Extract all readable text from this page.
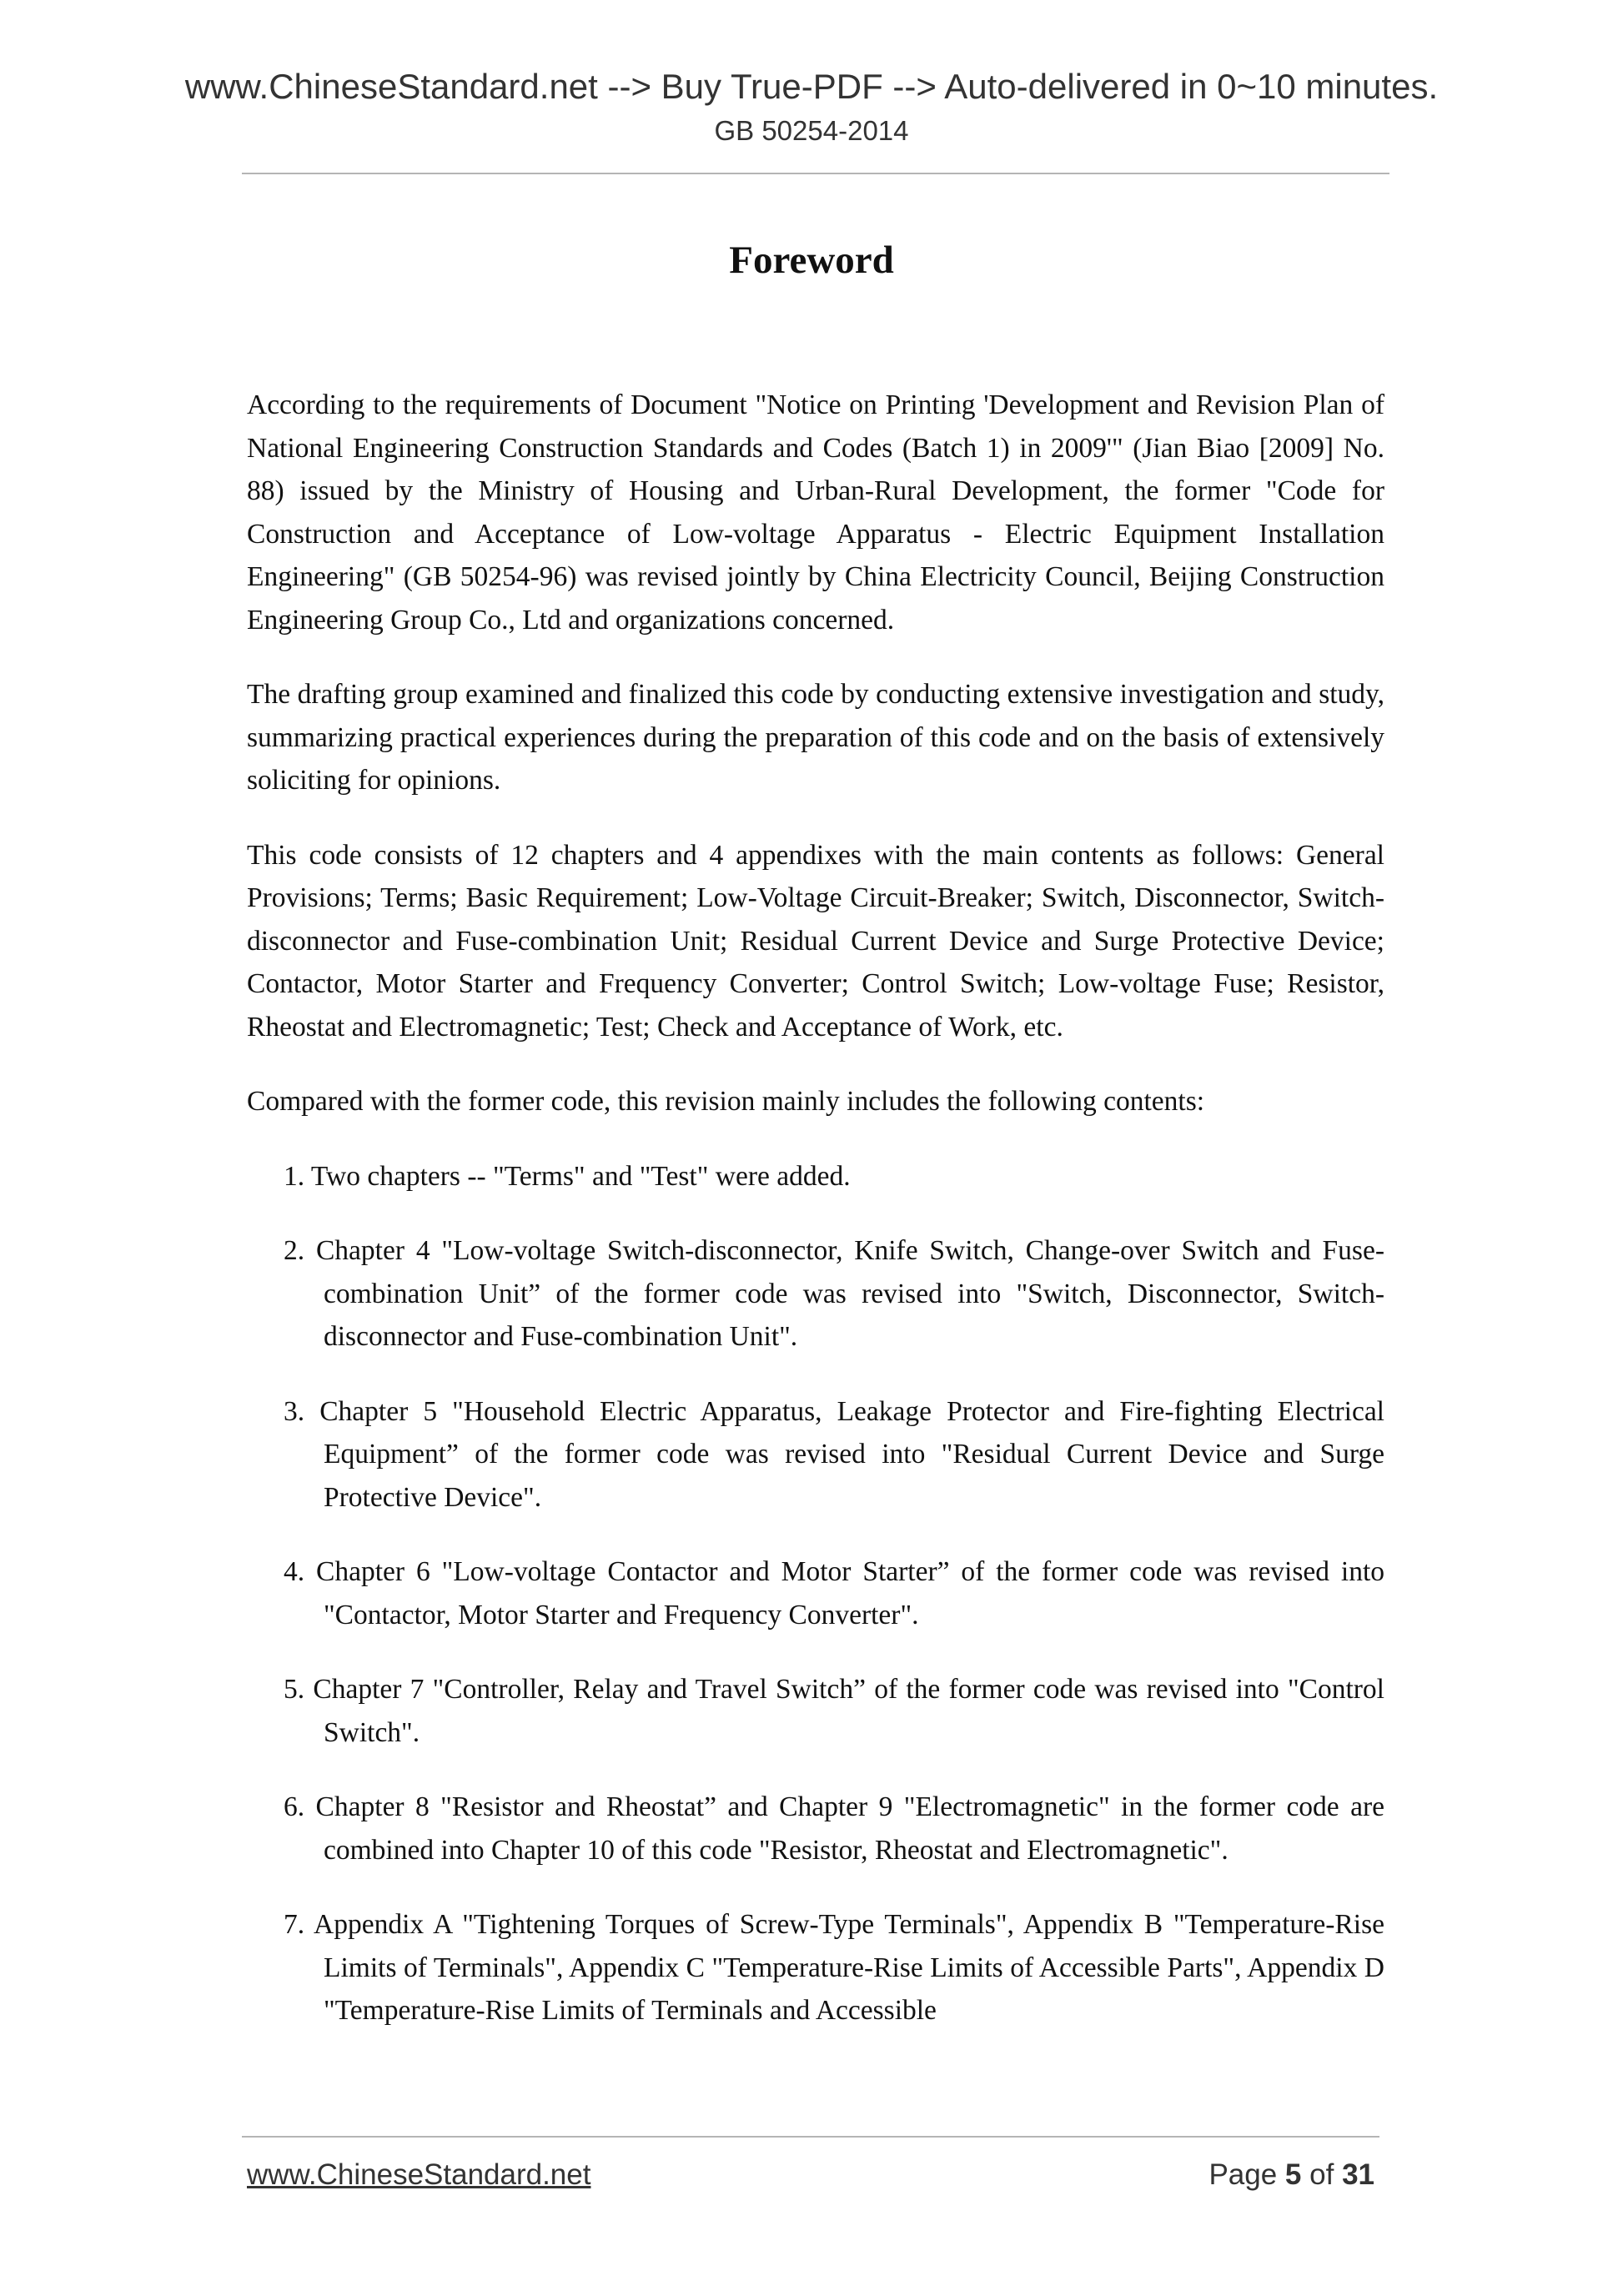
www.ChineseStandard.net --> Buy True-PDF --> Auto-delivered in 0~10 minutes.
GB 50254-2014
Foreword

According to the requirements of Document "Notice on Printing 'Development and Revision Plan of National Engineering Construction Standards and Codes (Batch 1) in 2009'" (Jian Biao [2009] No. 88) issued by the Ministry of Housing and Urban-Rural Development, the former "Code for Construction and Acceptance of Low-voltage Apparatus - Electric Equipment Installation Engineering" (GB 50254-96) was revised jointly by China Electricity Council, Beijing Construction Engineering Group Co., Ltd and organizations concerned.

The drafting group examined and finalized this code by conducting extensive investigation and study, summarizing practical experiences during the preparation of this code and on the basis of extensively soliciting for opinions.

This code consists of 12 chapters and 4 appendixes with the main contents as follows: General Provisions; Terms; Basic Requirement; Low-Voltage Circuit-Breaker; Switch, Disconnector, Switch-disconnector and Fuse-combination Unit; Residual Current Device and Surge Protective Device; Contactor, Motor Starter and Frequency Converter; Control Switch; Low-voltage Fuse; Resistor, Rheostat and Electromagnetic; Test; Check and Acceptance of Work, etc.

Compared with the former code, this revision mainly includes the following contents:

1. Two chapters -- "Terms" and "Test" were added.
2. Chapter 4 "Low-voltage Switch-disconnector, Knife Switch, Change-over Switch and Fuse-combination Unit” of the former code was revised into "Switch, Disconnector, Switch-disconnector and Fuse-combination Unit".
3. Chapter 5 "Household Electric Apparatus, Leakage Protector and Fire-fighting Electrical Equipment” of the former code was revised into "Residual Current Device and Surge Protective Device".
4. Chapter 6 "Low-voltage Contactor and Motor Starter” of the former code was revised into "Contactor, Motor Starter and Frequency Converter".
5. Chapter 7 "Controller, Relay and Travel Switch” of the former code was revised into "Control Switch".
6. Chapter 8 "Resistor and Rheostat” and Chapter 9 "Electromagnetic" in the former code are combined into Chapter 10 of this code "Resistor, Rheostat and Electromagnetic".
7. Appendix A "Tightening Torques of Screw-Type Terminals", Appendix B "Temperature-Rise Limits of Terminals", Appendix C "Temperature-Rise Limits of Accessible Parts", Appendix D "Temperature-Rise Limits of Terminals and Accessible
www.ChineseStandard.net	Page 5 of 31
